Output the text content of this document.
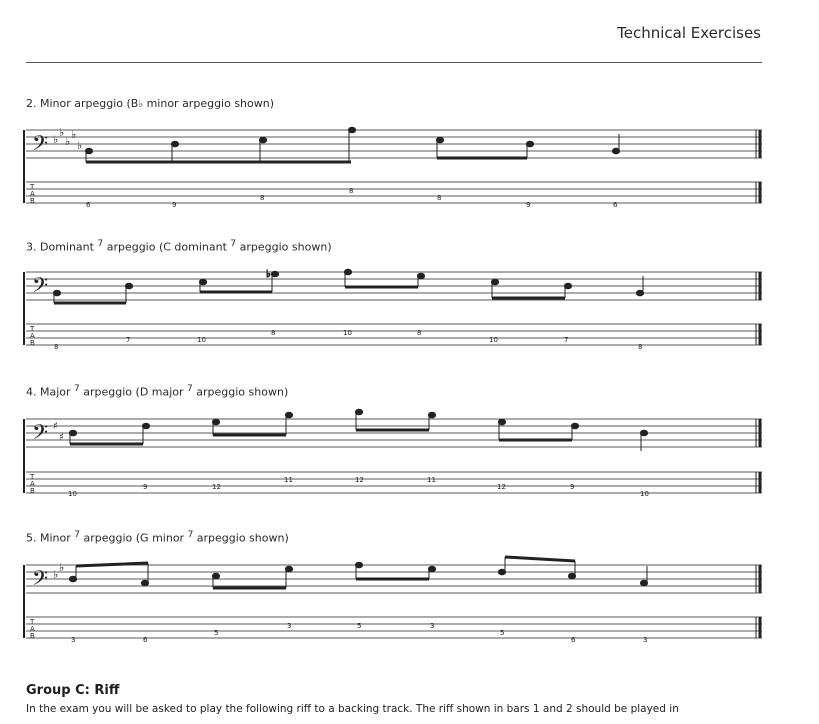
Technical Exercises
2. Minor arpeggio (B♭ minor arpeggio shown)
3. Dominant $^7$ arpeggio (C dominant $^7$ arpeggio shown)
4. Major $^7$ arpeggio (D major $^7$ arpeggio shown)
5. Minor $^7$ arpeggio (G minor $^7$ arpeggio shown)
𝄢 ♭
♭
♭
♭
♭
T
A
B	6	9
8
8
8
9	6
𝄢
T
A
B
♭
8
7	10
8	10	8
10	7
8
𝄢 ♯
♯
T
A
B	10
9	12
11	12	11
12	9
10
𝄢 ♭
♭
T
A
B	3	6
5
3	5	3
5
6	3
Group C: Riff
In the exam you will be asked to play the following riff to a backing track. The riff shown in bars 1 and 2 should be played in
